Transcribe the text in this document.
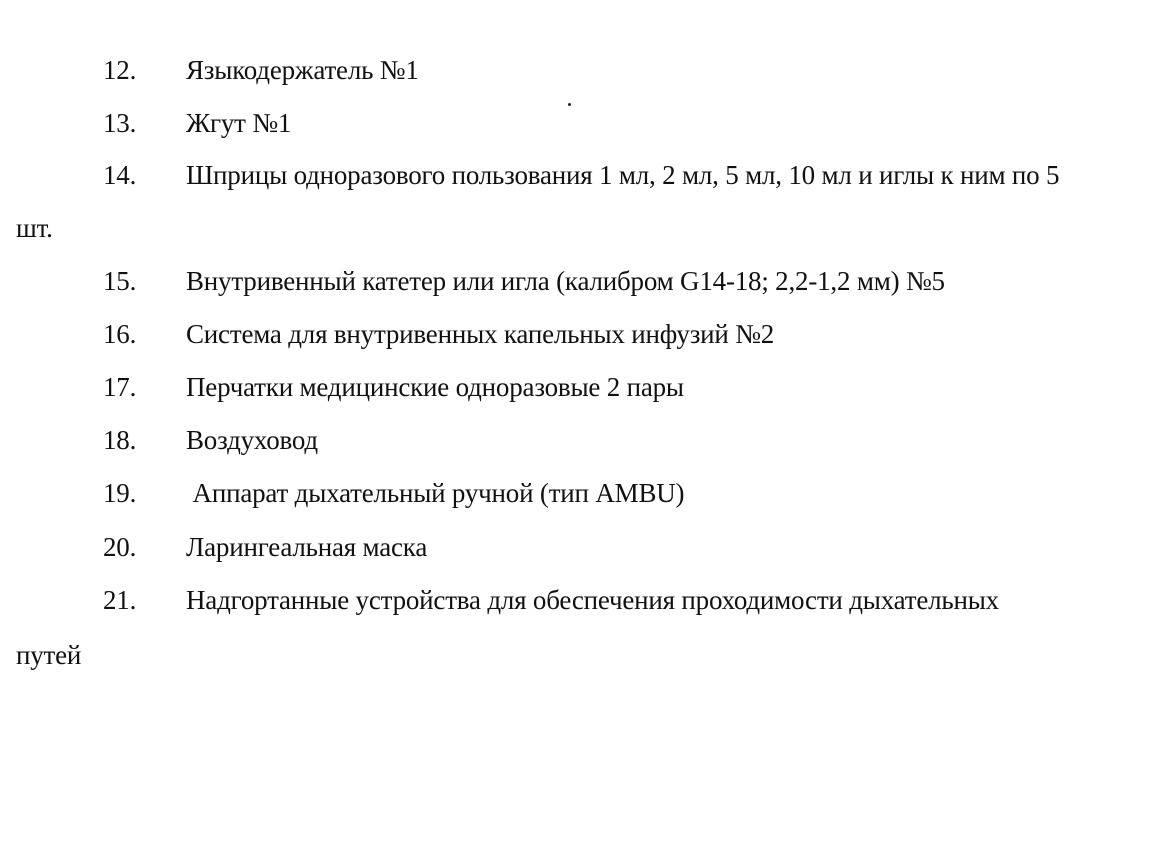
12. Языкодержатель №1
13. Жгут №1
14. Шприцы одноразового пользования 1 мл, 2 мл, 5 мл, 10 мл и иглы к ним по 5
шт.
15. Внутривенный катетер или игла (калибром G14-18; 2,2-1,2 мм) №5
16. Система для внутривенных капельных инфузий №2
17. Перчатки медицинские одноразовые 2 пары
18. Воздуховод
19. Аппарат дыхательный ручной (тип AMBU)
20. Ларингеальная маска
21. Надгортанные устройства для обеспечения проходимости дыхательных
путей
